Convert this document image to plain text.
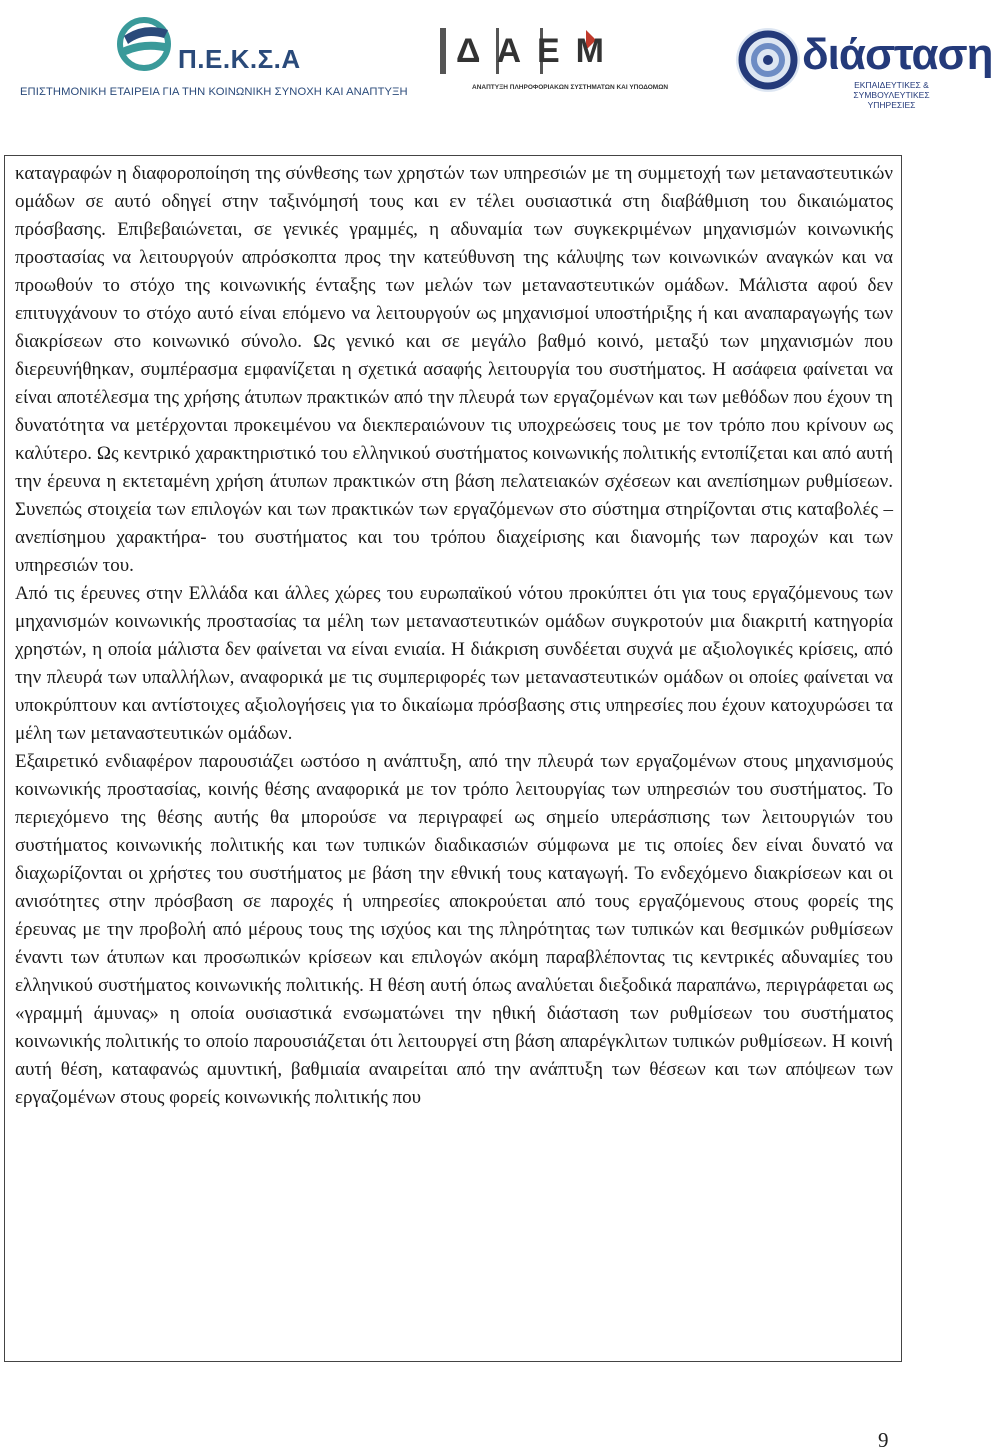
Π.Ε.Κ.Σ.Α
ΕΠΙΣΤΗΜΟΝΙΚΗ ΕΤΑΙΡΕΙΑ ΓΙΑ ΤΗΝ ΚΟΙΝΩΝΙΚΗ ΣΥΝΟΧΗ ΚΑΙ ΑΝΑΠΤΥΞΗ
ΔΑΕΜ
ΑΝΑΠΤΥΞΗ ΠΛΗΡΟΦΟΡΙΑΚΩΝ ΣΥΣΤΗΜΑΤΩΝ ΚΑΙ ΥΠΟΔΟΜΩΝ
διάσταση
ΕΚΠΑΙΔΕΥΤΙΚΕΣ & ΣΥΜΒΟΥΛΕΥΤΙΚΕΣ
ΥΠΗΡΕΣΙΕΣ

καταγραφών η διαφοροποίηση της σύνθεσης των χρηστών των υπηρεσιών με τη συμμετοχή των μεταναστευτικών ομάδων σε αυτό οδηγεί στην ταξινόμησή τους και εν τέλει ουσιαστικά στη διαβάθμιση του δικαιώματος πρόσβασης. Επιβεβαιώνεται, σε γενικές γραμμές, η αδυναμία των συγκεκριμένων μηχανισμών κοινωνικής προστασίας να λειτουργούν απρόσκοπτα προς την κατεύθυνση της κάλυψης των κοινωνικών αναγκών και να προωθούν το στόχο της κοινωνικής ένταξης των μελών των μεταναστευτικών ομάδων. Μάλιστα αφού δεν επιτυγχάνουν το στόχο αυτό είναι επόμενο να λειτουργούν ως μηχανισμοί υποστήριξης ή και αναπαραγωγής των διακρίσεων στο κοινωνικό σύνολο. Ως γενικό και σε μεγάλο βαθμό κοινό, μεταξύ των μηχανισμών που διερευνήθηκαν, συμπέρασμα εμφανίζεται η σχετικά ασαφής λειτουργία του συστήματος. Η ασάφεια φαίνεται να είναι αποτέλεσμα της χρήσης άτυπων πρακτικών από την πλευρά των εργαζομένων και των μεθόδων που έχουν τη δυνατότητα να μετέρχονται προκειμένου να διεκπεραιώνουν τις υποχρεώσεις τους με τον τρόπο που κρίνουν ως καλύτερο. Ως κεντρικό χαρακτηριστικό του ελληνικού συστήματος κοινωνικής πολιτικής εντοπίζεται και από αυτή την έρευνα η εκτεταμένη χρήση άτυπων πρακτικών στη βάση πελατειακών σχέσεων και ανεπίσημων ρυθμίσεων. Συνεπώς στοιχεία των επιλογών και των πρακτικών των εργαζόμενων στο σύστημα στηρίζονται στις καταβολές –ανεπίσημου χαρακτήρα- του συστήματος και του τρόπου διαχείρισης και διανομής των παροχών και των υπηρεσιών του.

Από τις έρευνες στην Ελλάδα και άλλες χώρες του ευρωπαϊκού νότου προκύπτει ότι για τους εργαζόμενους των μηχανισμών κοινωνικής προστασίας τα μέλη των μεταναστευτικών ομάδων συγκροτούν μια διακριτή κατηγορία χρηστών, η οποία μάλιστα δεν φαίνεται να είναι ενιαία. Η διάκριση συνδέεται συχνά με αξιολογικές κρίσεις, από την πλευρά των υπαλλήλων, αναφορικά με τις συμπεριφορές των μεταναστευτικών ομάδων οι οποίες φαίνεται να υποκρύπτουν και αντίστοιχες αξιολογήσεις για το δικαίωμα πρόσβασης στις υπηρεσίες που έχουν κατοχυρώσει τα μέλη των μεταναστευτικών ομάδων.

Εξαιρετικό ενδιαφέρον παρουσιάζει ωστόσο η ανάπτυξη, από την πλευρά των εργαζομένων στους μηχανισμούς κοινωνικής προστασίας, κοινής θέσης αναφορικά με τον τρόπο λειτουργίας των υπηρεσιών του συστήματος. Το περιεχόμενο της θέσης αυτής θα μπορούσε να περιγραφεί ως σημείο υπεράσπισης των λειτουργιών του συστήματος κοινωνικής πολιτικής και των τυπικών διαδικασιών σύμφωνα με τις οποίες δεν είναι δυνατό να διαχωρίζονται οι χρήστες του συστήματος με βάση την εθνική τους καταγωγή. Το ενδεχόμενο διακρίσεων και οι ανισότητες στην πρόσβαση σε παροχές ή υπηρεσίες αποκρούεται από τους εργαζόμενους στους φορείς της έρευνας με την προβολή από μέρους τους της ισχύος και της πληρότητας των τυπικών και θεσμικών ρυθμίσεων έναντι των άτυπων και προσωπικών κρίσεων και επιλογών ακόμη παραβλέποντας τις κεντρικές αδυναμίες του ελληνικού συστήματος κοινωνικής πολιτικής. Η θέση αυτή όπως αναλύεται διεξοδικά παραπάνω, περιγράφεται ως «γραμμή άμυνας» η οποία ουσιαστικά ενσωματώνει την ηθική διάσταση των ρυθμίσεων του συστήματος κοινωνικής πολιτικής το οποίο παρουσιάζεται ότι λειτουργεί στη βάση απαρέγκλιτων τυπικών ρυθμίσεων. Η κοινή αυτή θέση, καταφανώς αμυντική, βαθμιαία αναιρείται από την ανάπτυξη των θέσεων και των απόψεων των εργαζομένων στους φορείς κοινωνικής πολιτικής που

9
